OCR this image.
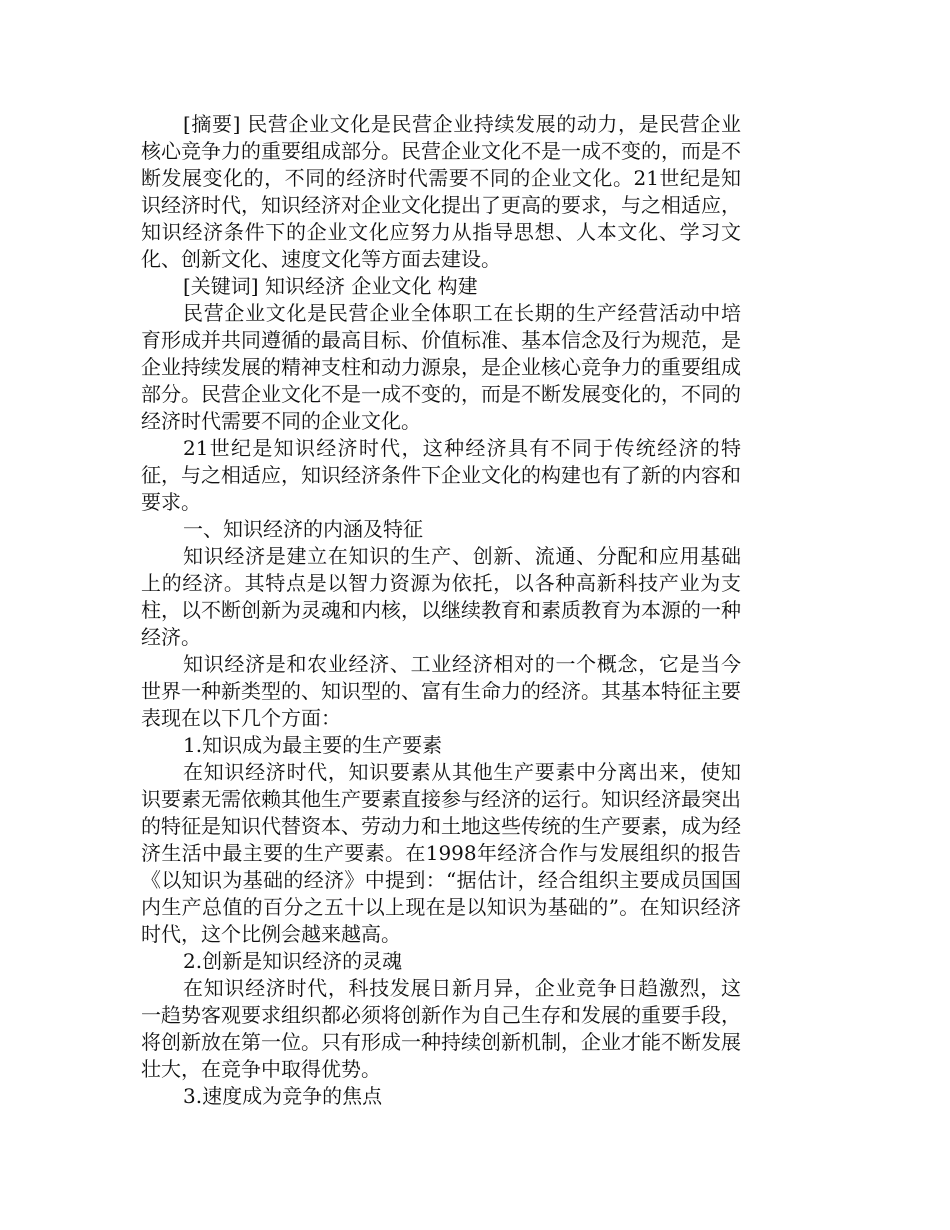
[摘要] 民营企业文化是民营企业持续发展的动力，是民营企业核心竞争力的重要组成部分。民营企业文化不是一成不变的，而是不断发展变化的，不同的经济时代需要不同的企业文化。21世纪是知识经济时代，知识经济对企业文化提出了更高的要求，与之相适应，知识经济条件下的企业文化应努力从指导思想、人本文化、学习文化、创新文化、速度文化等方面去建设。

[关键词] 知识经济 企业文化 构建

民营企业文化是民营企业全体职工在长期的生产经营活动中培育形成并共同遵循的最高目标、价值标准、基本信念及行为规范，是企业持续发展的精神支柱和动力源泉，是企业核心竞争力的重要组成部分。民营企业文化不是一成不变的，而是不断发展变化的，不同的经济时代需要不同的企业文化。

21世纪是知识经济时代，这种经济具有不同于传统经济的特征，与之相适应，知识经济条件下企业文化的构建也有了新的内容和要求。

一、知识经济的内涵及特征

知识经济是建立在知识的生产、创新、流通、分配和应用基础上的经济。其特点是以智力资源为依托，以各种高新科技产业为支柱，以不断创新为灵魂和内核，以继续教育和素质教育为本源的一种经济。

知识经济是和农业经济、工业经济相对的一个概念，它是当今世界一种新类型的、知识型的、富有生命力的经济。其基本特征主要表现在以下几个方面：

1.知识成为最主要的生产要素

在知识经济时代，知识要素从其他生产要素中分离出来，使知识要素无需依赖其他生产要素直接参与经济的运行。知识经济最突出的特征是知识代替资本、劳动力和土地这些传统的生产要素，成为经济生活中最主要的生产要素。在1998年经济合作与发展组织的报告《以知识为基础的经济》中提到：“据估计，经合组织主要成员国国内生产总值的百分之五十以上现在是以知识为基础的”。在知识经济时代，这个比例会越来越高。

2.创新是知识经济的灵魂

在知识经济时代，科技发展日新月异，企业竞争日趋激烈，这一趋势客观要求组织都必须将创新作为自己生存和发展的重要手段，将创新放在第一位。只有形成一种持续创新机制，企业才能不断发展壮大，在竞争中取得优势。

3.速度成为竞争的焦点
